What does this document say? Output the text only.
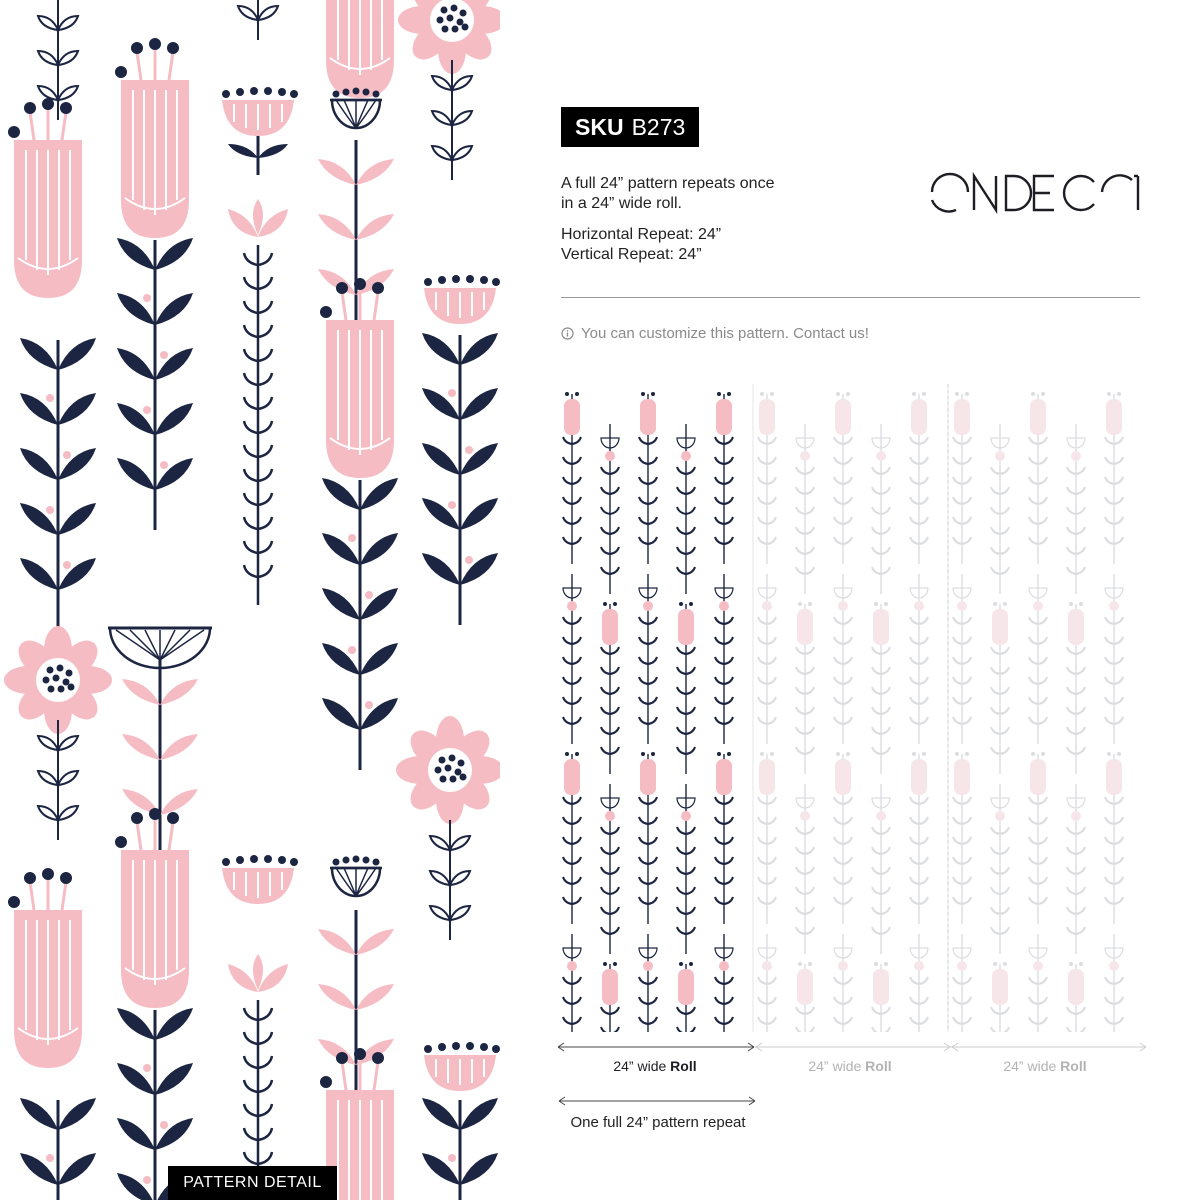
PATTERN DETAIL
SKU B273

A full 24” pattern repeats once
in a 24” wide roll.

Horizontal Repeat: 24”
Vertical Repeat: 24”

You can customize this pattern. Contact us!
24” wide Roll	24” wide Roll	24” wide Roll
One full 24” pattern repeat
